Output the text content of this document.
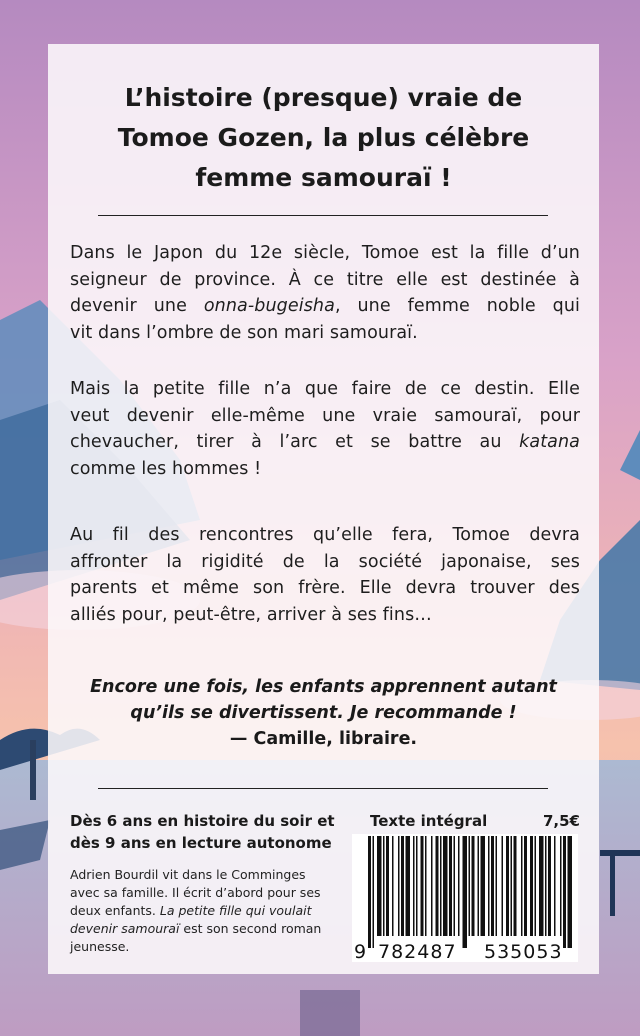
L’histoire (presque) vraie de
Tomoe Gozen, la plus célèbre
femme samouraï !
Dans le Japon du 12e siècle, Tomoe est la fille d’un
seigneur de province. À ce titre elle est destinée à
devenir une onna-bugeisha, une femme noble qui
vit dans l’ombre de son mari samouraï.
Mais la petite fille n’a que faire de ce destin. Elle
veut devenir elle-même une vraie samouraï, pour
chevaucher, tirer à l’arc et se battre au katana
comme les hommes !
Au fil des rencontres qu’elle fera, Tomoe devra
affronter la rigidité de la société japonaise, ses
parents et même son frère. Elle devra trouver des
alliés pour, peut-être, arriver à ses fins…
Encore une fois, les enfants apprennent autant
qu’ils se divertissent. Je recommande !
— Camille, libraire.
Dès 6 ans en histoire du soir et
dès 9 ans en lecture autonome
Adrien Bourdil vit dans le Comminges
avec sa famille. Il écrit d’abord pour ses
deux enfants. La petite fille qui voulait
devenir samouraï est son second roman
jeunesse.
Texte intégral	7,5€
9 782487 535053
